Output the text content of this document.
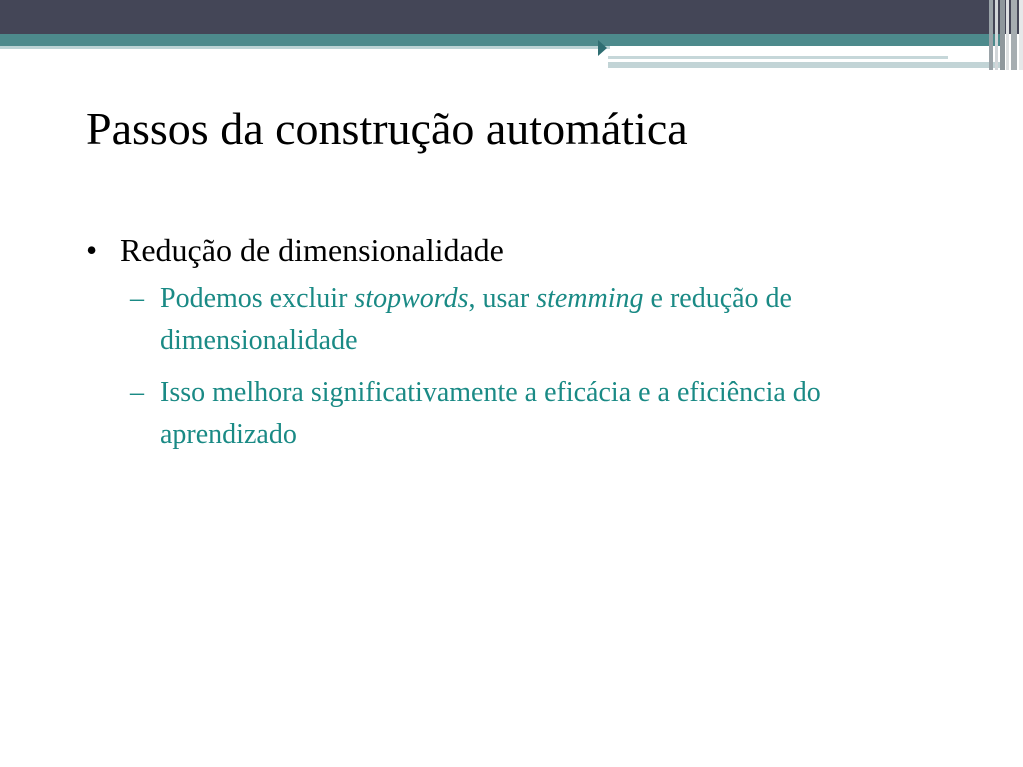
Passos da construção automática
• Redução de dimensionalidade
– Podemos excluir stopwords, usar stemming e redução de dimensionalidade
– Isso melhora significativamente a eficácia e a eficiência do aprendizado
